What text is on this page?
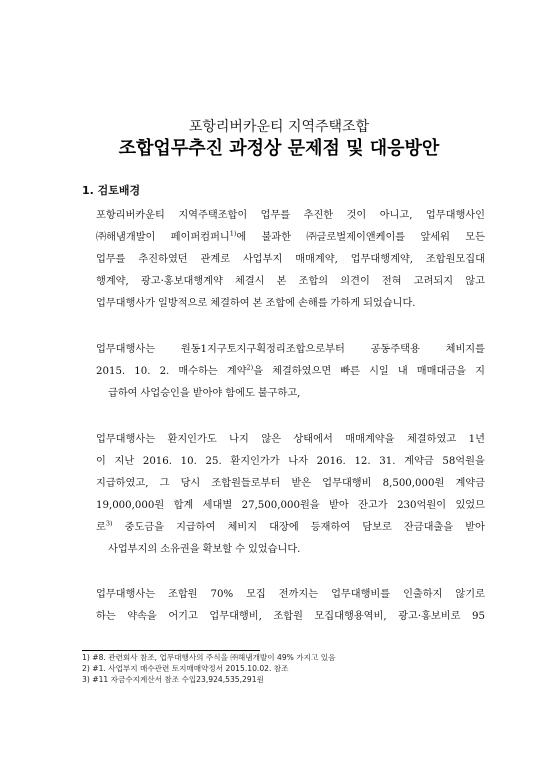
포항리버카운티 지역주택조합
조합업무추진 과정상 문제점 및 대응방안
1. 검토배경
포항리버카운티 지역주택조합이 업무를 추진한 것이 아니고, 업무대행사인
㈜해냄개발이 페이퍼컴퍼니$^{1)}$에 불과한 ㈜글로벌제이앤케이를 앞세워 모든
업무를 추진하였던 관계로 사업부지 매매계약, 업무대행계약, 조합원모집대
행계약, 광고·홍보대행계약 체결시 본 조합의 의견이 전혀 고려되지 않고
업무대행사가 일방적으로 체결하여 본 조합에 손해를 가하게 되었습니다.
업무대행사는	원동1지구토지구획정리조합으로부터	공동주택용	체비지를
2015. 10. 2. 매수하는 계약$^{2)}$을 체결하였으면 빠른 시일 내 매매대금을 지
급하여 사업승인을 받아야 함에도 불구하고,
업무대행사는 환지인가도 나지 않은 상태에서 매매계약을 체결하였고 1년
이 지난 2016. 10. 25. 환지인가가 나자 2016. 12. 31. 계약금 58억원을
지급하였고, 그 당시 조합원들로부터 받은 업무대행비 8,500,000원 계약금
19,000,000원 합계 세대별 27,500,000원을 받아 잔고가 230억원이 있었므
로$^{3)}$ 중도금을 지급하여 체비지 대장에 등재하여 담보로 잔금대출을 받아
사업부지의 소유권을 확보할 수 있었습니다.
업무대행사는 조합원 70% 모집 전까지는 업무대행비를 인출하지 않기로
하는 약속을 어기고 업무대행비, 조합원 모집대행용역비, 광고·홍보비로 95
1) #8. 관련회사 참조, 업무대행사의 주식을 ㈜해냄개발이 49% 가지고 있음
2) #1. 사업부지 매수관련 토지매매약정서 2015.10.02. 참조
3) #11 자금수지계산서 참조 수입23,924,535,291원
